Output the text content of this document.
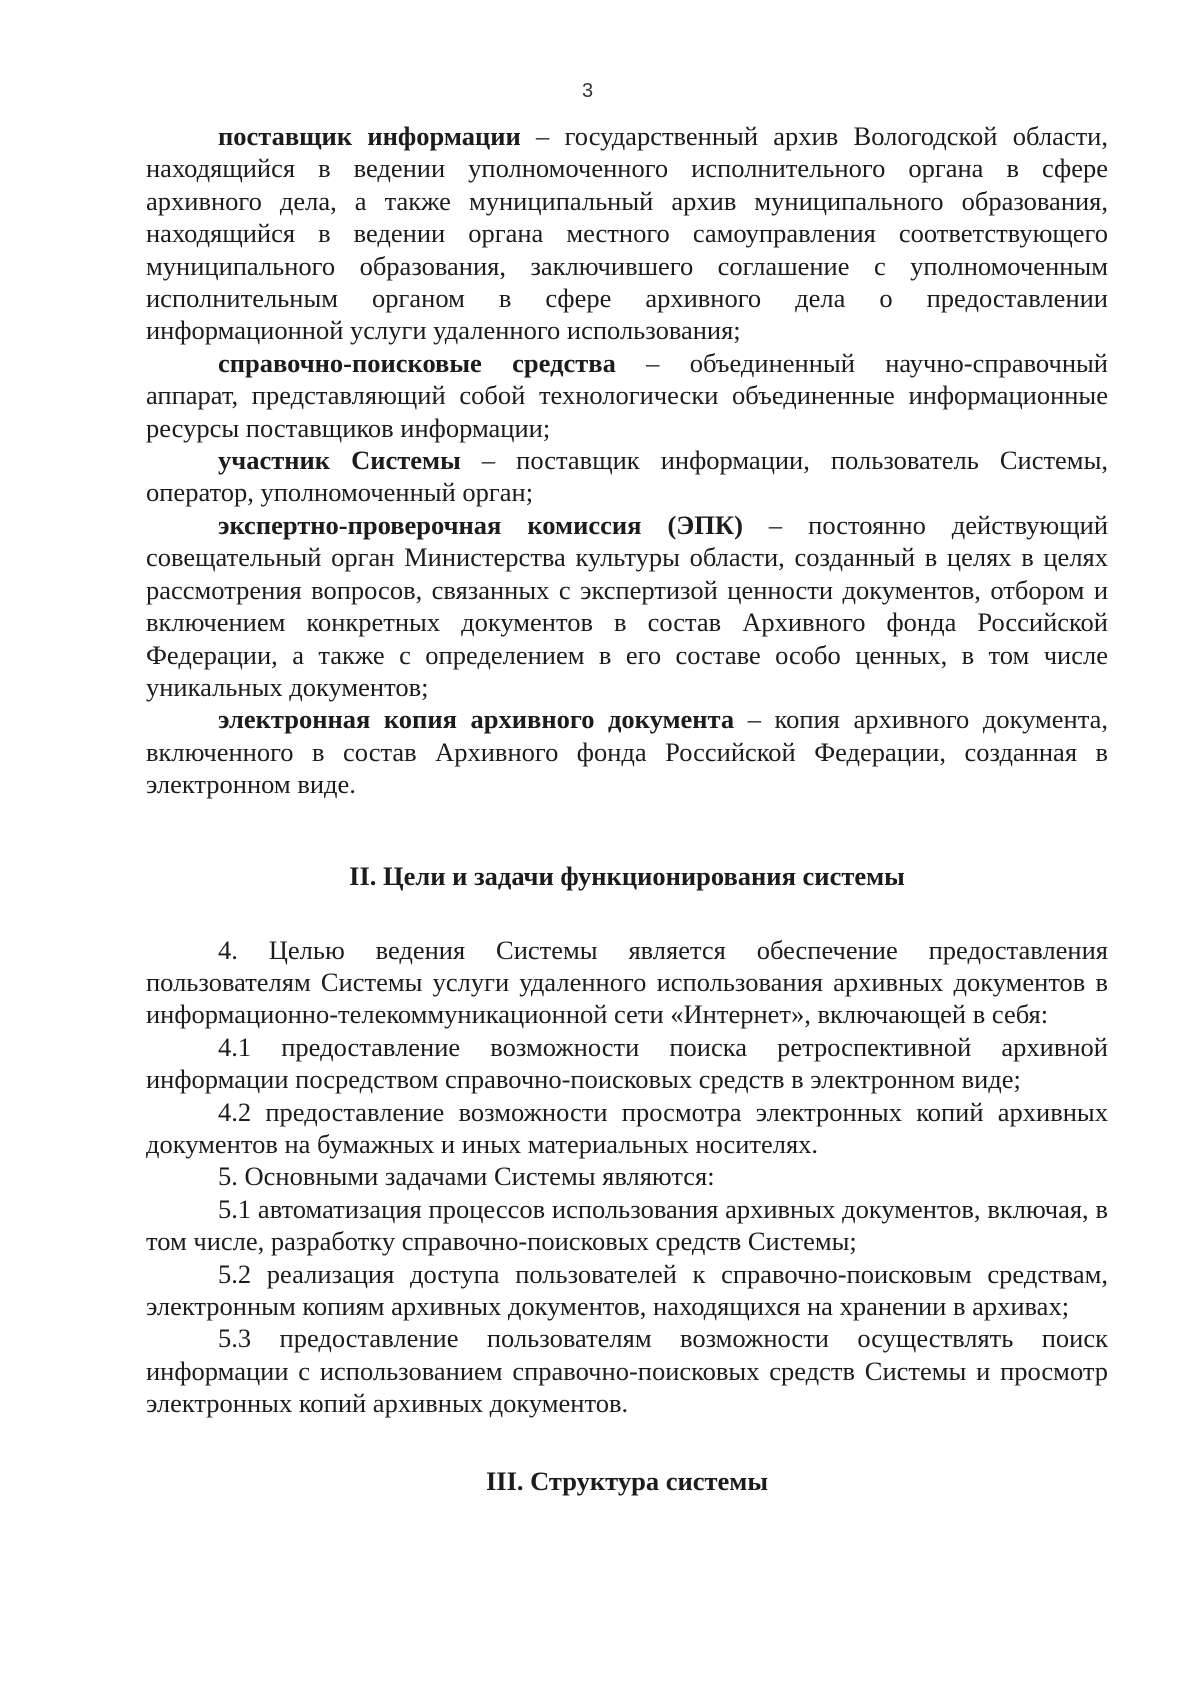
3

поставщик информации – государственный архив Вологодской области, находящийся в ведении уполномоченного исполнительного органа в сфере архивного дела, а также муниципальный архив муниципального образования, находящийся в ведении органа местного самоуправления соответствующего муниципального образования, заключившего соглашение с уполномоченным исполнительным органом в сфере архивного дела о предоставлении информационной услуги удаленного использования;

справочно-поисковые средства – объединенный научно-справочный аппарат, представляющий собой технологически объединенные информационные ресурсы поставщиков информации;

участник Системы – поставщик информации, пользователь Системы, оператор, уполномоченный орган;

экспертно-проверочная комиссия (ЭПК) – постоянно действующий совещательный орган Министерства культуры области, созданный в целях в целях рассмотрения вопросов, связанных с экспертизой ценности документов, отбором и включением конкретных документов в состав Архивного фонда Российской Федерации, а также с определением в его составе особо ценных, в том числе уникальных документов;

электронная копия архивного документа – копия архивного документа, включенного в состав Архивного фонда Российской Федерации, созданная в электронном виде.

II. Цели и задачи функционирования системы

4. Целью ведения Системы является обеспечение предоставления пользователям Системы услуги удаленного использования архивных документов в информационно-телекоммуникационной сети «Интернет», включающей в себя:

4.1 предоставление возможности поиска ретроспективной архивной информации посредством справочно-поисковых средств в электронном виде;

4.2 предоставление возможности просмотра электронных копий архивных документов на бумажных и иных материальных носителях.

5. Основными задачами Системы являются:

5.1 автоматизация процессов использования архивных документов, включая, в том числе, разработку справочно-поисковых средств Системы;

5.2 реализация доступа пользователей к справочно-поисковым средствам, электронным копиям архивных документов, находящихся на хранении в архивах;

5.3 предоставление пользователям возможности осуществлять поиск информации с использованием справочно-поисковых средств Системы и просмотр электронных копий архивных документов.

III. Структура системы
